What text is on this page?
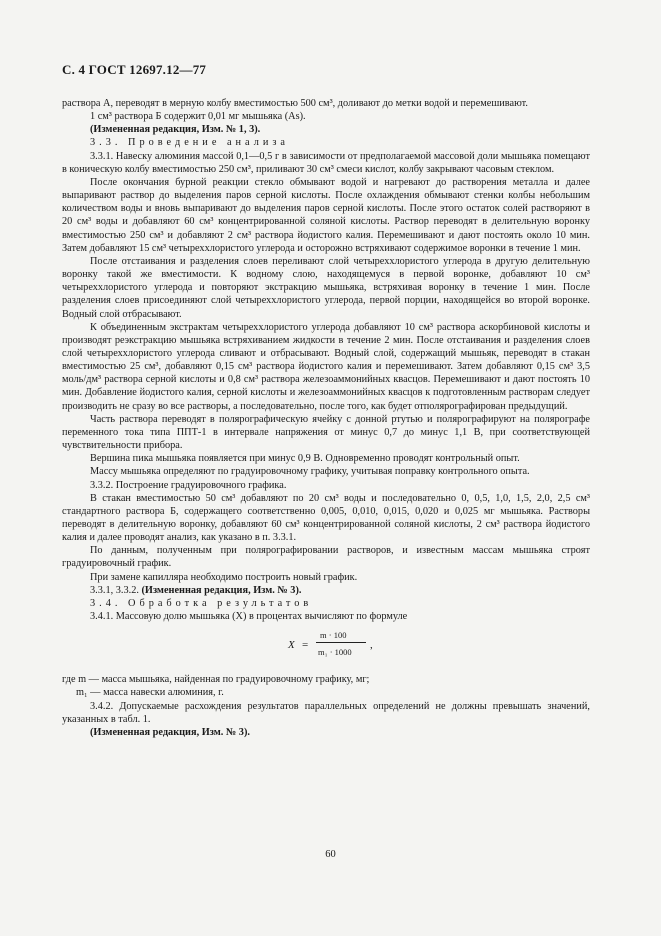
С. 4 ГОСТ 12697.12—77

раствора А, переводят в мерную колбу вместимостью 500 см³, доливают до метки водой и перемешивают.

1 см³ раствора Б содержит 0,01 мг мышьяка (As).

(Измененная редакция, Изм. № 1, 3).

3.3. Проведение анализа

3.3.1. Навеску алюминия массой 0,1—0,5 г в зависимости от предполагаемой массовой доли мышьяка помещают в коническую колбу вместимостью 250 см³, приливают 30 см³ смеси кислот, колбу закрывают часовым стеклом.

После окончания бурной реакции стекло обмывают водой и нагревают до растворения металла и далее выпаривают раствор до выделения паров серной кислоты. После охлаждения обмывают стенки колбы небольшим количеством воды и вновь выпаривают до выделения паров серной кислоты. После этого остаток солей растворяют в 20 см³ воды и добавляют 60 см³ концентрированной соляной кислоты. Раствор переводят в делительную воронку вместимостью 250 см³ и добавляют 2 см³ раствора йодистого калия. Перемешивают и дают постоять около 10 мин. Затем добавляют 15 см³ четыреххлористого углерода и осторожно встряхивают содержимое воронки в течение 1 мин.

После отстаивания и разделения слоев переливают слой четыреххлористого углерода в другую делительную воронку такой же вместимости. К водному слою, находящемуся в первой воронке, добавляют 10 см³ четыреххлористого углерода и повторяют экстракцию мышьяка, встряхивая воронку в течение 1 мин. После разделения слоев присоединяют слой четыреххлористого углерода, первой порции, находящейся во второй воронке. Водный слой отбрасывают.

К объединенным экстрактам четыреххлористого углерода добавляют 10 см³ раствора аскорбиновой кислоты и производят реэкстракцию мышьяка встряхиванием жидкости в течение 2 мин. После отстаивания и разделения слоев слой четыреххлористого углерода сливают и отбрасывают. Водный слой, содержащий мышьяк, переводят в стакан вместимостью 25 см³, добавляют 0,15 см³ раствора йодистого калия и перемешивают. Затем добавляют 0,15 см³ 3,5 моль/дм³ раствора серной кислоты и 0,8 см³ раствора железоаммонийных квасцов. Перемешивают и дают постоять 10 мин. Добавление йодистого калия, серной кислоты и железоаммонийных квасцов к подготовленным растворам следует производить не сразу во все растворы, а последовательно, после того, как будет отполярографирован предыдущий.

Часть раствора переводят в полярографическую ячейку с донной ртутью и полярографируют на полярографе переменного тока типа ППТ-1 в интервале напряжения от минус 0,7 до минус 1,1 В, при соответствующей чувствительности прибора.

Вершина пика мышьяка появляется при минус 0,9 В. Одновременно проводят контрольный опыт.

Массу мышьяка определяют по градуировочному графику, учитывая поправку контрольного опыта.

3.3.2. Построение градуировочного графика.

В стакан вместимостью 50 см³ добавляют по 20 см³ воды и последовательно 0, 0,5, 1,0, 1,5, 2,0, 2,5 см³ стандартного раствора Б, содержащего соответственно 0,005, 0,010, 0,015, 0,020 и 0,025 мг мышьяка. Растворы переводят в делительную воронку, добавляют 60 см³ концентрированной соляной кислоты, 2 см³ раствора йодистого калия и далее проводят анализ, как указано в п. 3.3.1.

По данным, полученным при полярографировании растворов, и известным массам мышьяка строят градуировочный график.

При замене капилляра необходимо построить новый график.

3.3.1, 3.3.2. (Измененная редакция, Изм. № 3).

3.4. Обработка результатов

3.4.1. Массовую долю мышьяка (X) в процентах вычисляют по формуле

X =
m · 100
m₁ · 1000
,

где m — масса мышьяка, найденная по градуировочному графику, мг;

m₁ — масса навески алюминия, г.

3.4.2. Допускаемые расхождения результатов параллельных определений не должны превышать значений, указанных в табл. 1.

(Измененная редакция, Изм. № 3).

60
